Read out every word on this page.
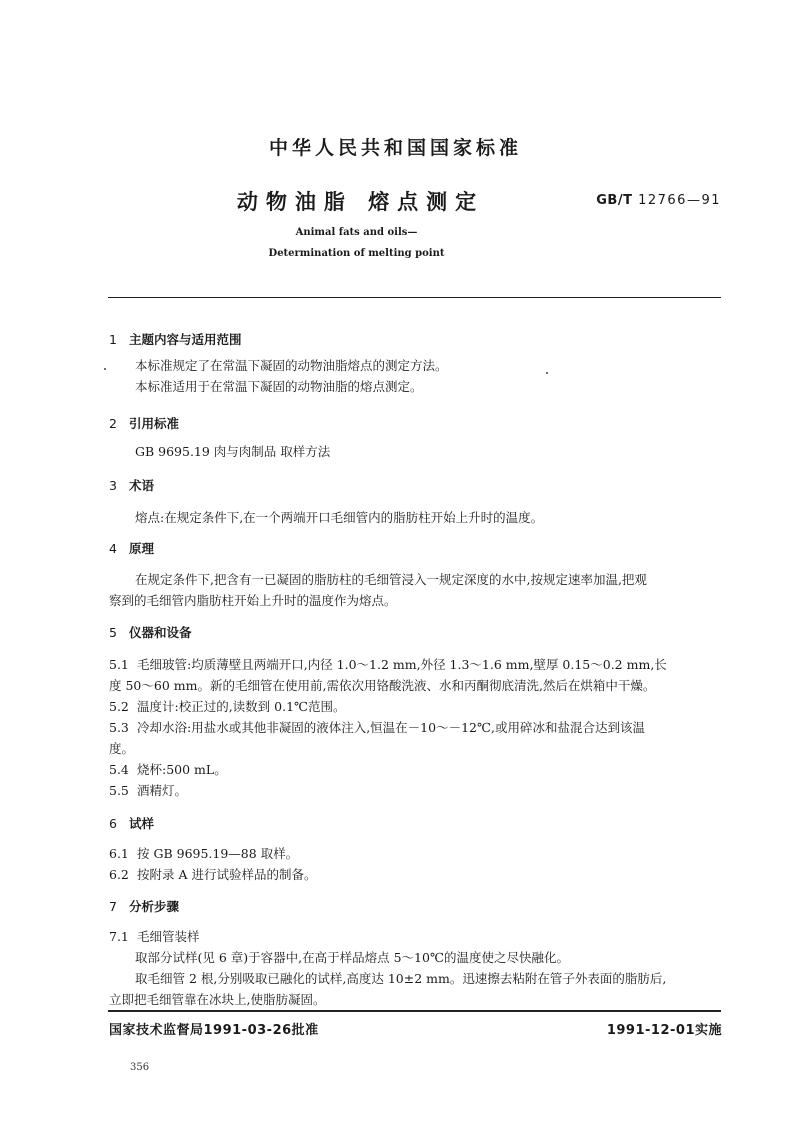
中华人民共和国国家标准
动物油脂 熔点测定	GB/T 12766—91
Animal fats and oils—
Determination of melting point
1 主题内容与适用范围
本标准规定了在常温下凝固的动物油脂熔点的测定方法。
本标准适用于在常温下凝固的动物油脂的熔点测定。
2 引用标准
GB 9695.19 肉与肉制品 取样方法
3 术语
熔点:在规定条件下,在一个两端开口毛细管内的脂肪柱开始上升时的温度。
4 原理
在规定条件下,把含有一已凝固的脂肪柱的毛细管浸入一规定深度的水中,按规定速率加温,把观
察到的毛细管内脂肪柱开始上升时的温度作为熔点。
5 仪器和设备
5.1 毛细玻管:均质薄壁且两端开口,内径 1.0～1.2 mm,外径 1.3～1.6 mm,壁厚 0.15～0.2 mm,长
度 50～60 mm。新的毛细管在使用前,需依次用铬酸洗液、水和丙酮彻底清洗,然后在烘箱中干燥。
5.2 温度计:校正过的,读数到 0.1℃范围。
5.3 冷却水浴:用盐水或其他非凝固的液体注入,恒温在－10～－12℃,或用碎冰和盐混合达到该温
度。
5.4 烧杯:500 mL。
5.5 酒精灯。
6 试样
6.1 按 GB 9695.19—88 取样。
6.2 按附录 A 进行试验样品的制备。
7 分析步骤
7.1 毛细管装样
取部分试样(见 6 章)于容器中,在高于样品熔点 5～10℃的温度使之尽快融化。
取毛细管 2 根,分别吸取已融化的试样,高度达 10±2 mm。迅速擦去粘附在管子外表面的脂肪后,
立即把毛细管靠在冰块上,使脂肪凝固。
国家技术监督局1991-03-26批准	1991-12-01实施
356
